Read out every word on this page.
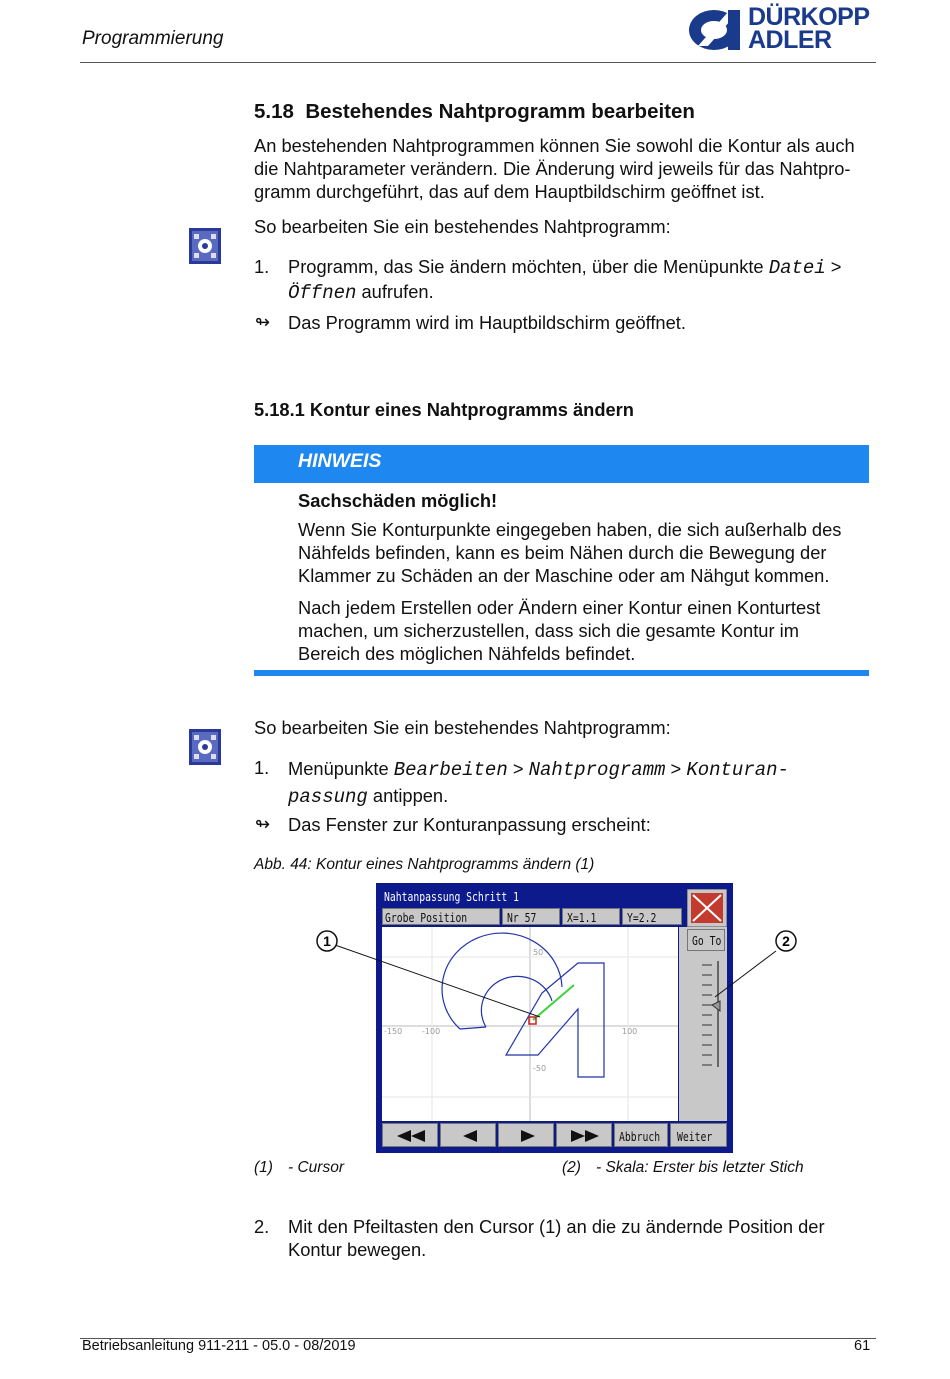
Programmierung
DÜRKOPP
ADLER
5.18 Bestehendes Nahtprogramm bearbeiten
An bestehenden Nahtprogrammen können Sie sowohl die Kontur als auch
die Nahtparameter verändern. Die Änderung wird jeweils für das Nahtpro-
gramm durchgeführt, das auf dem Hauptbildschirm geöffnet ist.
So bearbeiten Sie ein bestehendes Nahtprogramm:
1. Programm, das Sie ändern möchten, über die Menüpunkte Datei >
Öffnen aufrufen.
↬ Das Programm wird im Hauptbildschirm geöffnet.
5.18.1 Kontur eines Nahtprogramms ändern
HINWEIS
Sachschäden möglich!
Wenn Sie Konturpunkte eingegeben haben, die sich außerhalb des
Nähfelds befinden, kann es beim Nähen durch die Bewegung der
Klammer zu Schäden an der Maschine oder am Nähgut kommen.
Nach jedem Erstellen oder Ändern einer Kontur einen Konturtest
machen, um sicherzustellen, dass sich die gesamte Kontur im
Bereich des möglichen Nähfelds befindet.
So bearbeiten Sie ein bestehendes Nahtprogramm:
1. Menüpunkte Bearbeiten > Nahtprogramm > Konturan-
passung antippen.
↬ Das Fenster zur Konturanpassung erscheint:
Abb. 44: Kontur eines Nahtprogramms ändern (1)
Nahtanpassung Schritt 1
Grobe Position	Nr 57 X=1.1 Y=2.2
-150 -100	100
50
-50
Go To
Abbruch Weiter
1	2
(1) - Cursor	(2) - Skala: Erster bis letzter Stich
2. Mit den Pfeiltasten den Cursor (1) an die zu ändernde Position der
Kontur bewegen.
Betriebsanleitung 911-211 - 05.0 - 08/2019	61
